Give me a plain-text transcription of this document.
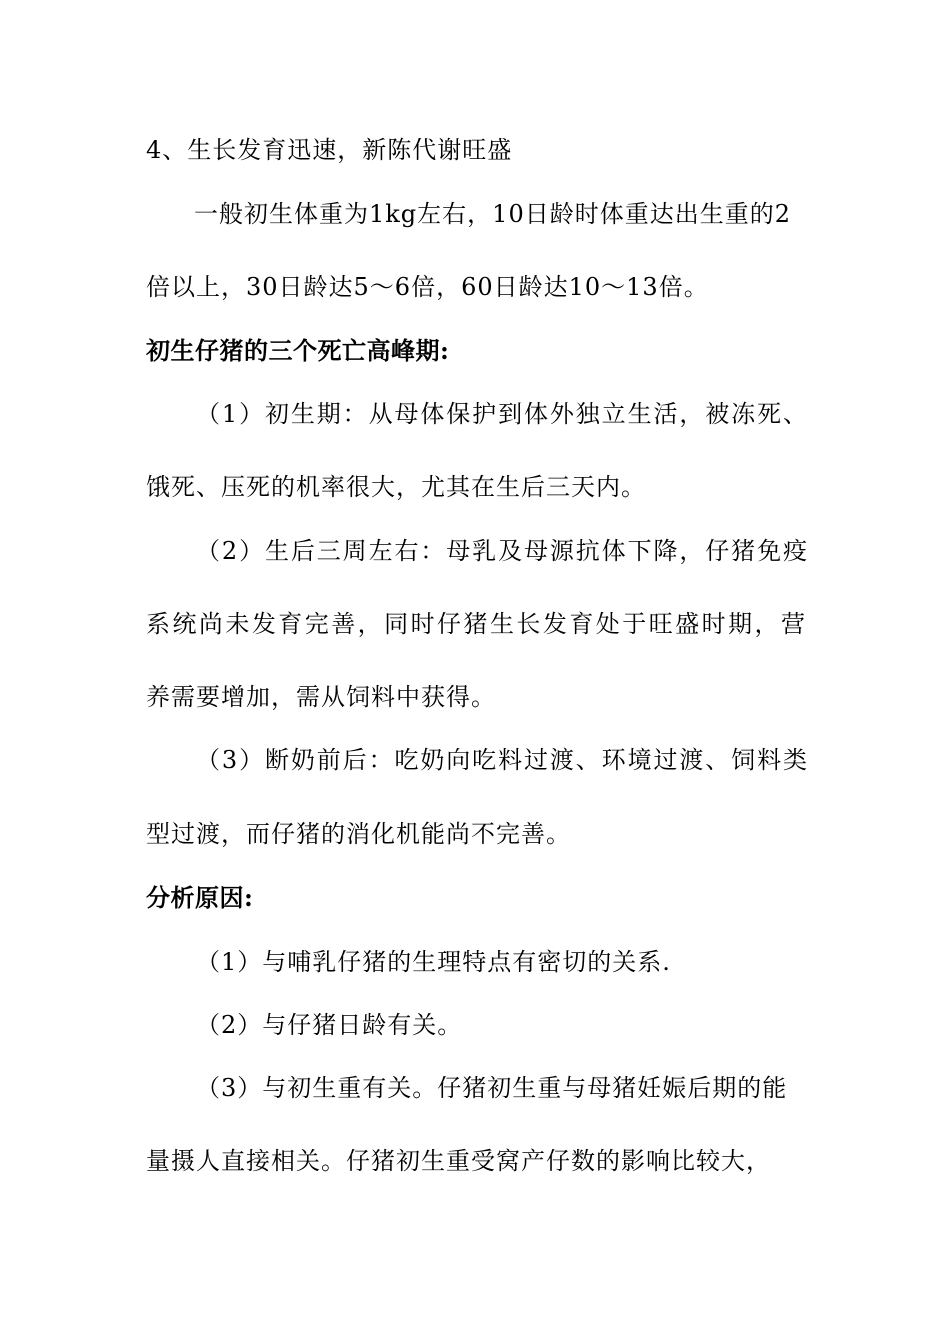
4、生长发育迅速，新陈代谢旺盛
一般初生体重为1kg左右，10日龄时体重达出生重的2
倍以上，30日龄达5～6倍，60日龄达10～13倍。
初生仔猪的三个死亡高峰期:
（1）初生期：从母体保护到体外独立生活，被冻死、
饿死、压死的机率很大，尤其在生后三天内。
（2）生后三周左右：母乳及母源抗体下降，仔猪免疫
系统尚未发育完善，同时仔猪生长发育处于旺盛时期，营
养需要增加，需从饲料中获得。
（3）断奶前后：吃奶向吃料过渡、环境过渡、饲料类
型过渡，而仔猪的消化机能尚不完善。
分析原因:
（1）与哺乳仔猪的生理特点有密切的关系.
（2）与仔猪日龄有关。
（3）与初生重有关。仔猪初生重与母猪妊娠后期的能
量摄人直接相关。仔猪初生重受窝产仔数的影响比较大，
